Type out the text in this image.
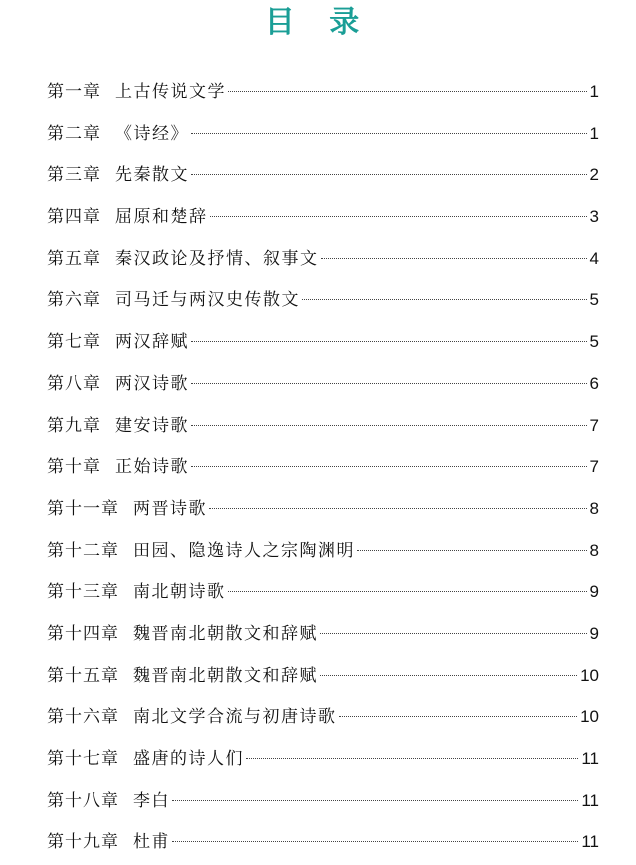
目 录
第一章 上古传说文学	1
第二章 《诗经》	1
第三章 先秦散文	2
第四章 屈原和楚辞	3
第五章 秦汉政论及抒情、叙事文	4
第六章 司马迁与两汉史传散文	5
第七章 两汉辞赋	5
第八章 两汉诗歌	6
第九章 建安诗歌	7
第十章 正始诗歌	7
第十一章 两晋诗歌	8
第十二章 田园、隐逸诗人之宗陶渊明	8
第十三章 南北朝诗歌	9
第十四章 魏晋南北朝散文和辞赋	9
第十五章 魏晋南北朝散文和辞赋	10
第十六章 南北文学合流与初唐诗歌	10
第十七章 盛唐的诗人们	11
第十八章 李白	11
第十九章 杜甫	11
